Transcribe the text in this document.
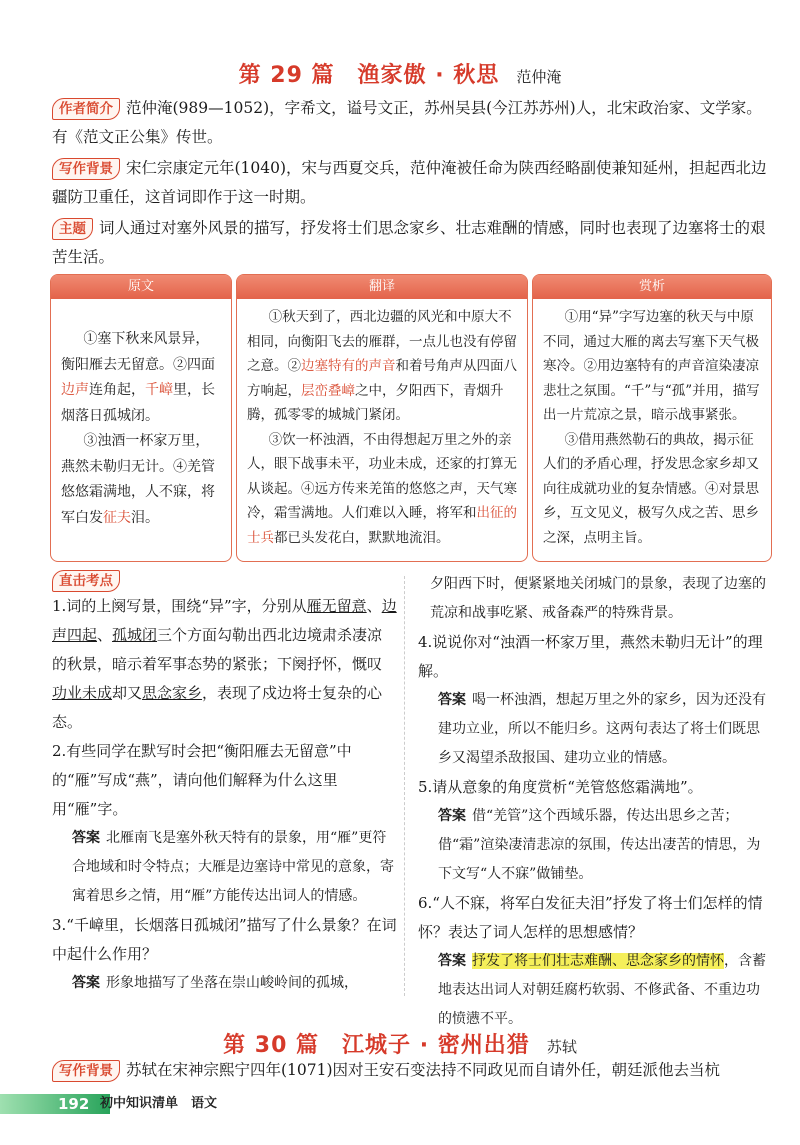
第 29 篇　渔家傲 · 秋思 范仲淹
作者简介 范仲淹(989—1052)，字希文，谥号文正，苏州吴县(今江苏苏州)人，北宋政治家、文学家。有《范文正公集》传世。
写作背景 宋仁宗康定元年(1040)，宋与西夏交兵，范仲淹被任命为陕西经略副使兼知延州，担起西北边疆防卫重任，这首词即作于这一时期。
主题 词人通过对塞外风景的描写，抒发将士们思念家乡、壮志难酬的情感，同时也表现了边塞将士的艰苦生活。
原文

①塞下秋来风景异，衡阳雁去无留意。②四面边声连角起，千嶂里，长烟落日孤城闭。

③浊酒一杯家万里，燕然未勒归无计。④羌管悠悠霜满地，人不寐，将军白发征夫泪。

翻译

①秋天到了，西北边疆的风光和中原大不相同，向衡阳飞去的雁群，一点儿也没有停留之意。②边塞特有的声音和着号角声从四面八方响起，层峦叠嶂之中，夕阳西下，青烟升腾，孤零零的城城门紧闭。

③饮一杯浊酒，不由得想起万里之外的亲人，眼下战事未平，功业未成，还家的打算无从谈起。④远方传来羌笛的悠悠之声，天气寒冷，霜雪满地。人们难以入睡，将军和出征的士兵都已头发花白，默默地流泪。

赏析

①用“异”字写边塞的秋天与中原不同，通过大雁的离去写塞下天气极寒冷。②用边塞特有的声音渲染凄凉悲壮之氛围。“千”与“孤”并用，描写出一片荒凉之景，暗示战事紧张。

③借用燕然勒石的典故，揭示征人们的矛盾心理，抒发思念家乡却又向往成就功业的复杂情感。④对景思乡，互文见义，极写久戍之苦、思乡之深，点明主旨。

直击考点

1.词的上阕写景，围绕“异”字，分别从雁无留意、边声四起、孤城闭三个方面勾勒出西北边境肃杀凄凉的秋景，暗示着军事态势的紧张；下阕抒怀，慨叹功业未成却又思念家乡，表现了戍边将士复杂的心态。

2.有些同学在默写时会把“衡阳雁去无留意”中的“雁”写成“燕”，请向他们解释为什么这里用“雁”字。

答案 北雁南飞是塞外秋天特有的景象，用“雁”更符合地域和时令特点；大雁是边塞诗中常见的意象，寄寓着思乡之情，用“雁”方能传达出词人的情感。

3.“千嶂里，长烟落日孤城闭”描写了什么景象？在词中起什么作用？

答案 形象地描写了坐落在崇山峻岭间的孤城，

夕阳西下时，便紧紧地关闭城门的景象，表现了边塞的荒凉和战事吃紧、戒备森严的特殊背景。

4.说说你对“浊酒一杯家万里，燕然未勒归无计”的理解。

答案 喝一杯浊酒，想起万里之外的家乡，因为还没有建功立业，所以不能归乡。这两句表达了将士们既思乡又渴望杀敌报国、建功立业的情感。

5.请从意象的角度赏析“羌管悠悠霜满地”。

答案 借“羌管”这个西域乐器，传达出思乡之苦；借“霜”渲染凄清悲凉的氛围，传达出凄苦的情思，为下文写“人不寐”做铺垫。

6.“人不寐，将军白发征夫泪”抒发了将士们怎样的情怀？表达了词人怎样的思想感情？

答案 抒发了将士们壮志难酬、思念家乡的情怀，含蓄地表达出词人对朝廷腐朽软弱、不修武备、不重边功的愤懑不平。

第 30 篇　江城子 · 密州出猎 苏轼
写作背景 苏轼在宋神宗熙宁四年(1071)因对王安石变法持不同政见而自请外任，朝廷派他去当杭
192 初中知识清单　语文
